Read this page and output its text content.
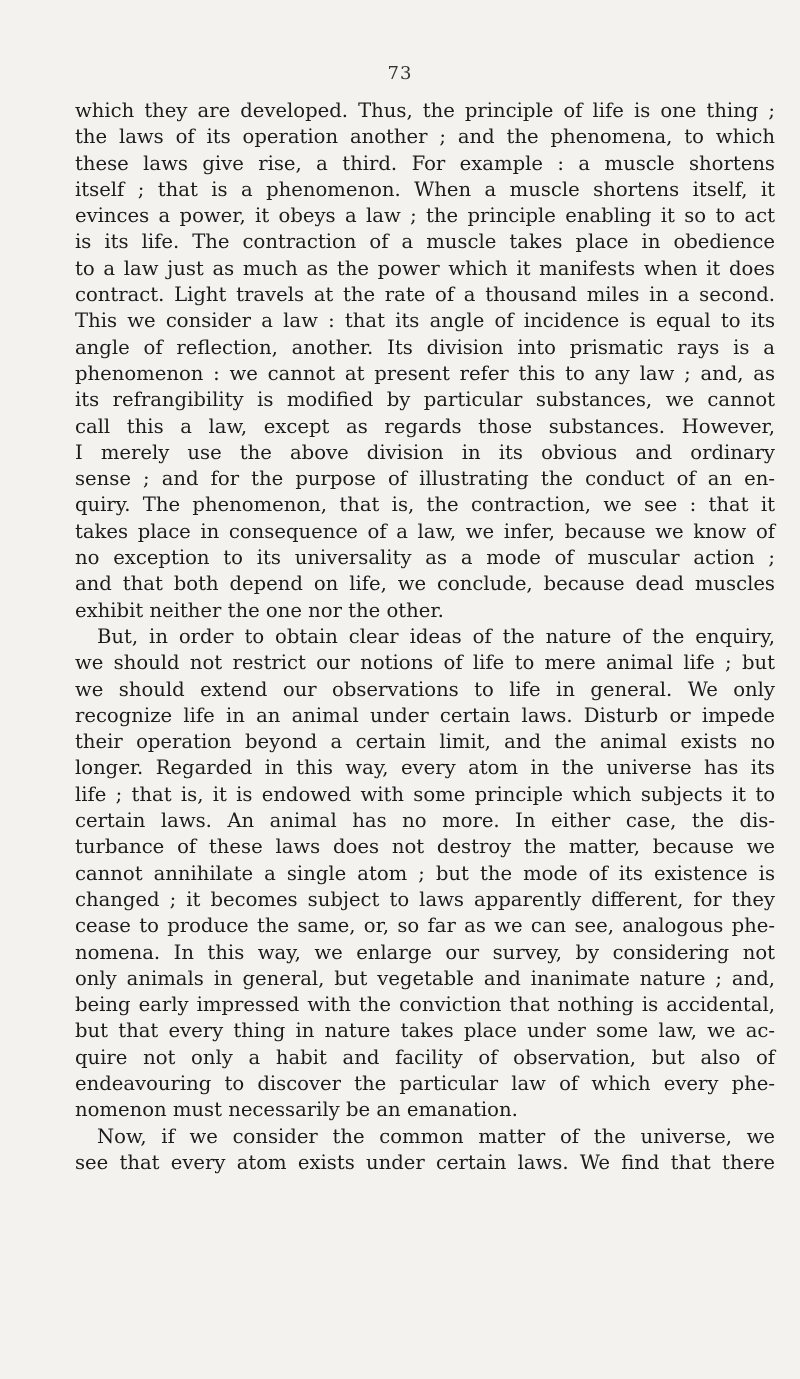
73
which they are developed. Thus, the principle of life is one thing ;
the laws of its operation another ; and the phenomena, to which
these laws give rise, a third. For example : a muscle shortens
itself ; that is a phenomenon. When a muscle shortens itself, it
evinces a power, it obeys a law ; the principle enabling it so to act
is its life. The contraction of a muscle takes place in obedience
to a law just as much as the power which it manifests when it does
contract. Light travels at the rate of a thousand miles in a second.
This we consider a law : that its angle of incidence is equal to its
angle of reflection, another. Its division into prismatic rays is a
phenomenon : we cannot at present refer this to any law ; and, as
its refrangibility is modified by particular substances, we cannot
call this a law, except as regards those substances. However,
I merely use the above division in its obvious and ordinary
sense ; and for the purpose of illustrating the conduct of an en-
quiry. The phenomenon, that is, the contraction, we see : that it
takes place in consequence of a law, we infer, because we know of
no exception to its universality as a mode of muscular action ;
and that both depend on life, we conclude, because dead muscles
exhibit neither the one nor the other.
But, in order to obtain clear ideas of the nature of the enquiry,
we should not restrict our notions of life to mere animal life ; but
we should extend our observations to life in general. We only
recognize life in an animal under certain laws. Disturb or impede
their operation beyond a certain limit, and the animal exists no
longer. Regarded in this way, every atom in the universe has its
life ; that is, it is endowed with some principle which subjects it to
certain laws. An animal has no more. In either case, the dis-
turbance of these laws does not destroy the matter, because we
cannot annihilate a single atom ; but the mode of its existence is
changed ; it becomes subject to laws apparently different, for they
cease to produce the same, or, so far as we can see, analogous phe-
nomena. In this way, we enlarge our survey, by considering not
only animals in general, but vegetable and inanimate nature ; and,
being early impressed with the conviction that nothing is accidental,
but that every thing in nature takes place under some law, we ac-
quire not only a habit and facility of observation, but also of
endeavouring to discover the particular law of which every phe-
nomenon must necessarily be an emanation.
Now, if we consider the common matter of the universe, we
see that every atom exists under certain laws. We find that there
